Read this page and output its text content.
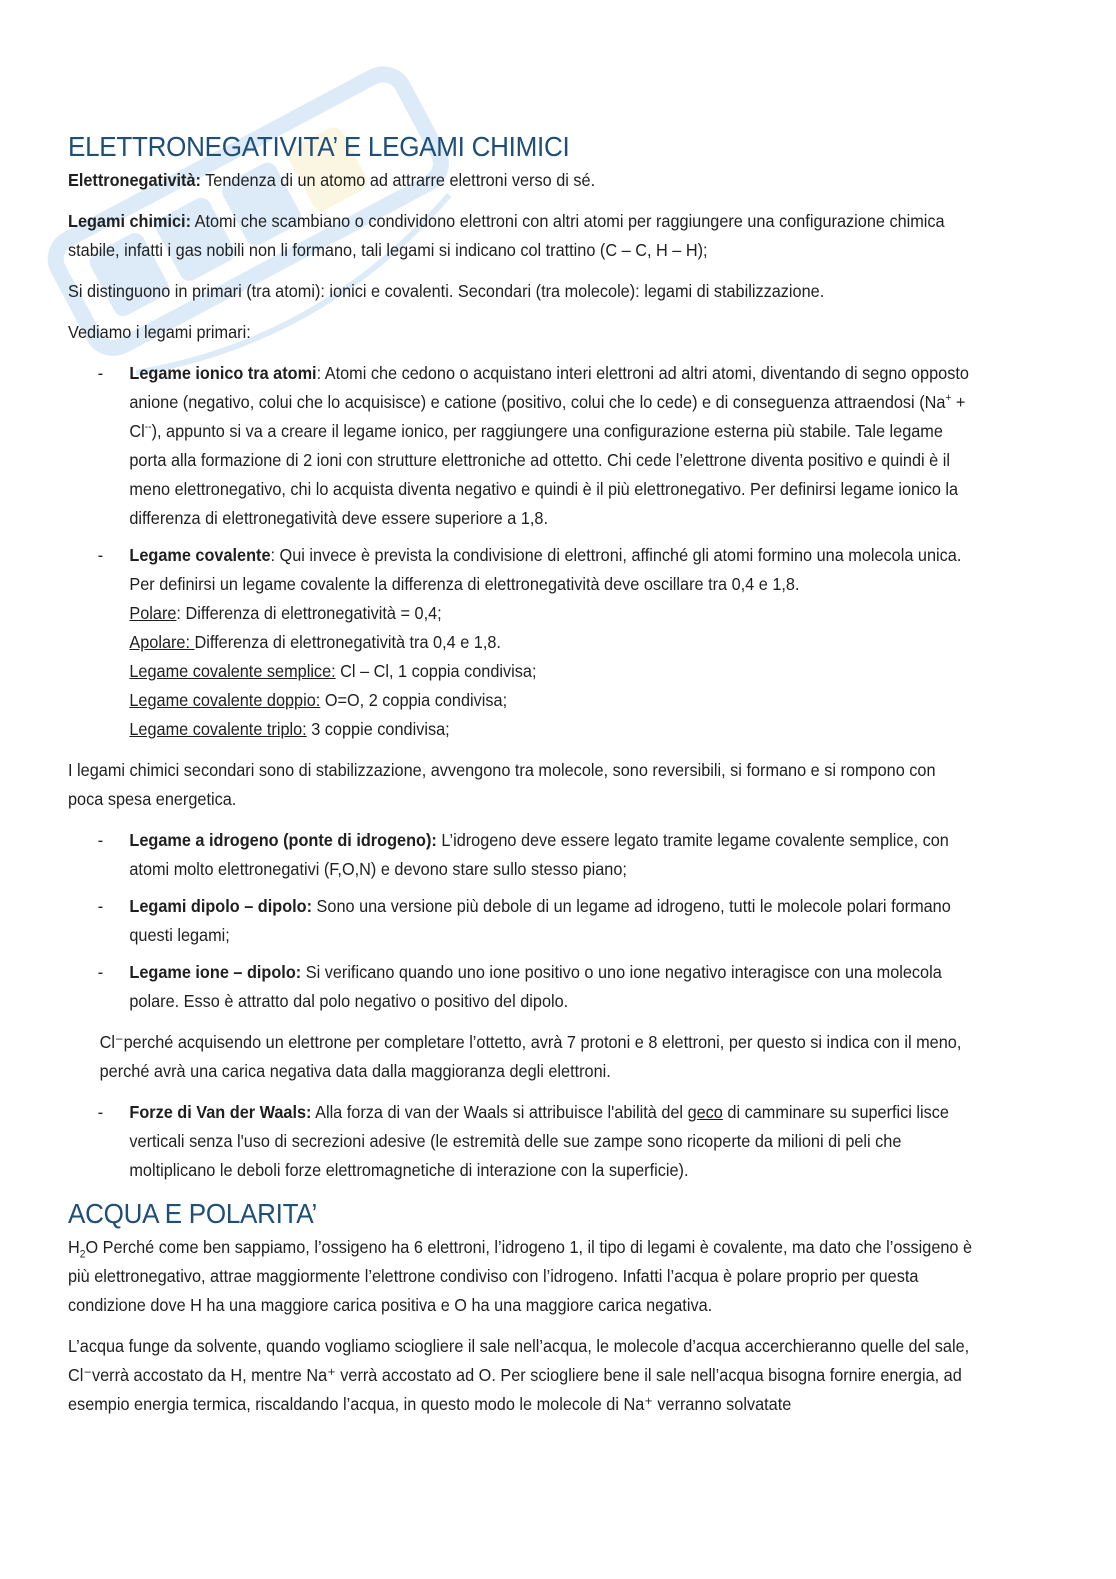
ELETTRONEGATIVITA’ E LEGAMI CHIMICI

Elettronegatività: Tendenza di un atomo ad attrarre elettroni verso di sé.

Legami chimici: Atomi che scambiano o condividono elettroni con altri atomi per raggiungere una configurazione chimica stabile, infatti i gas nobili non li formano, tali legami si indicano col trattino (C – C, H – H);

Si distinguono in primari (tra atomi): ionici e covalenti. Secondari (tra molecole): legami di stabilizzazione.

Vediamo i legami primari:

- Legame ionico tra atomi: Atomi che cedono o acquistano interi elettroni ad altri atomi, diventando di segno opposto anione (negativo, colui che lo acquisisce) e catione (positivo, colui che lo cede) e di conseguenza attraendosi (Na+ + Cl--), appunto si va a creare il legame ionico, per raggiungere una configurazione esterna più stabile. Tale legame porta alla formazione di 2 ioni con strutture elettroniche ad ottetto. Chi cede l’elettrone diventa positivo e quindi è il meno elettronegativo, chi lo acquista diventa negativo e quindi è il più elettronegativo. Per definirsi legame ionico la differenza di elettronegatività deve essere superiore a 1,8.
- Legame covalente: Qui invece è prevista la condivisione di elettroni, affinché gli atomi formino una molecola unica. Per definirsi un legame covalente la differenza di elettronegatività deve oscillare tra 0,4 e 1,8.
Polare: Differenza di elettronegatività = 0,4;
Apolare: Differenza di elettronegatività tra 0,4 e 1,8.
Legame covalente semplice: Cl – Cl, 1 coppia condivisa;
Legame covalente doppio: O=O, 2 coppia condivisa;
Legame covalente triplo: 3 coppie condivisa;

I legami chimici secondari sono di stabilizzazione, avvengono tra molecole, sono reversibili, si formano e si rompono con poca spesa energetica.

- Legame a idrogeno (ponte di idrogeno): L’idrogeno deve essere legato tramite legame covalente semplice, con atomi molto elettronegativi (F,O,N) e devono stare sullo stesso piano;
- Legami dipolo – dipolo: Sono una versione più debole di un legame ad idrogeno, tutti le molecole polari formano questi legami;
- Legame ione – dipolo: Si verificano quando uno ione positivo o uno ione negativo interagisce con una molecola polare. Esso è attratto dal polo negativo o positivo del dipolo.

Cl⁻perché acquisendo un elettrone per completare l’ottetto, avrà 7 protoni e 8 elettroni, per questo si indica con il meno, perché avrà una carica negativa data dalla maggioranza degli elettroni.

- Forze di Van der Waals: Alla forza di van der Waals si attribuisce l'abilità del geco di camminare su superfici lisce verticali senza l'uso di secrezioni adesive (le estremità delle sue zampe sono ricoperte da milioni di peli che moltiplicano le deboli forze elettromagnetiche di interazione con la superficie).
ACQUA E POLARITA’

$H_2O$ Perché come ben sappiamo, l’ossigeno ha 6 elettroni, l’idrogeno 1, il tipo di legami è covalente, ma dato che l’ossigeno è più elettronegativo, attrae maggiormente l’elettrone condiviso con l’idrogeno. Infatti l’acqua è polare proprio per questa condizione dove H ha una maggiore carica positiva e O ha una maggiore carica negativa.

L’acqua funge da solvente, quando vogliamo sciogliere il sale nell’acqua, le molecole d’acqua accerchieranno quelle del sale, Cl⁻verrà accostato da H, mentre Na⁺ verrà accostato ad O. Per sciogliere bene il sale nell’acqua bisogna fornire energia, ad esempio energia termica, riscaldando l’acqua, in questo modo le molecole di Na⁺ verranno solvatate
